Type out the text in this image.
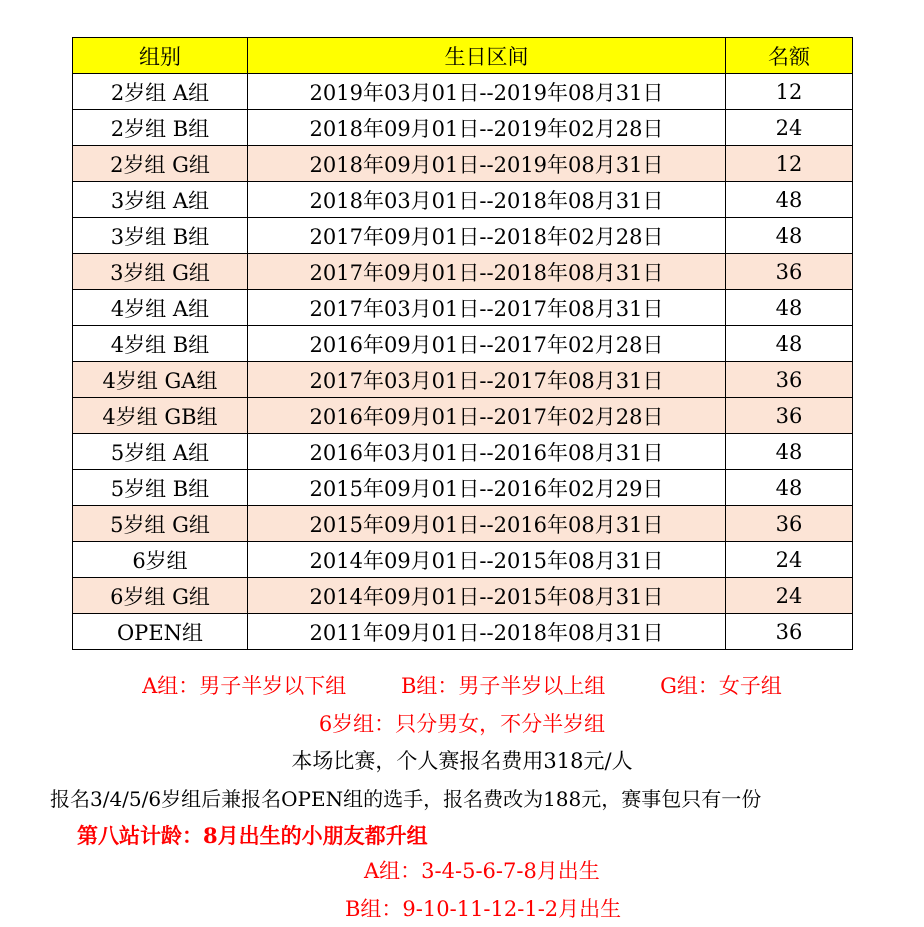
组别	生日区间	名额
2岁组 A组	2019年03月01日--2019年08月31日	12
2岁组 B组	2018年09月01日--2019年02月28日	24
2岁组 G组	2018年09月01日--2019年08月31日	12
3岁组 A组	2018年03月01日--2018年08月31日	48
3岁组 B组	2017年09月01日--2018年02月28日	48
3岁组 G组	2017年09月01日--2018年08月31日	36
4岁组 A组	2017年03月01日--2017年08月31日	48
4岁组 B组	2016年09月01日--2017年02月28日	48
4岁组 GA组	2017年03月01日--2017年08月31日	36
4岁组 GB组	2016年09月01日--2017年02月28日	36
5岁组 A组	2016年03月01日--2016年08月31日	48
5岁组 B组	2015年09月01日--2016年02月29日	48
5岁组 G组	2015年09月01日--2016年08月31日	36
6岁组	2014年09月01日--2015年08月31日	24
6岁组 G组	2014年09月01日--2015年08月31日	24
OPEN组	2011年09月01日--2018年08月31日	36
A组：男子半岁以下组	B组：男子半岁以上组	G组：女子组
6岁组：只分男女，不分半岁组
本场比赛，个人赛报名费用318元/人
报名3/4/5/6岁组后兼报名OPEN组的选手，报名费改为188元，赛事包只有一份
第八站计龄：8月出生的小朋友都升组
A组：3-4-5-6-7-8月出生
B组：9-10-11-12-1-2月出生
